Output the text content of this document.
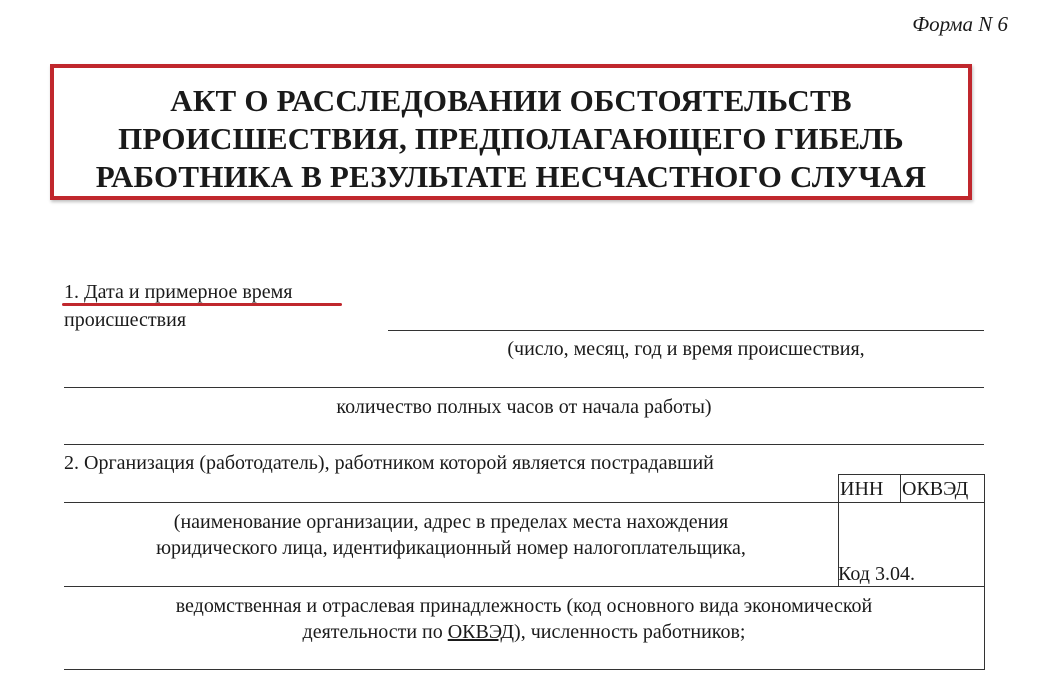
Форма N 6
АКТ О РАССЛЕДОВАНИИ ОБСТОЯТЕЛЬСТВ
ПРОИСШЕСТВИЯ, ПРЕДПОЛАГАЮЩЕГО ГИБЕЛЬ
РАБОТНИКА В РЕЗУЛЬТАТЕ НЕСЧАСТНОГО СЛУЧАЯ
1. Дата и примерное время
происшествия
(число, месяц, год и время происшествия,
количество полных часов от начала работы)
2. Организация (работодатель), работником которой является пострадавший
ИНН ОКВЭД
(наименование организации, адрес в пределах места нахождения
юридического лица, идентификационный номер налогоплательщика,
Код 3.04.
ведомственная и отраслевая принадлежность (код основного вида экономической
деятельности по ОКВЭД), численность работников;
